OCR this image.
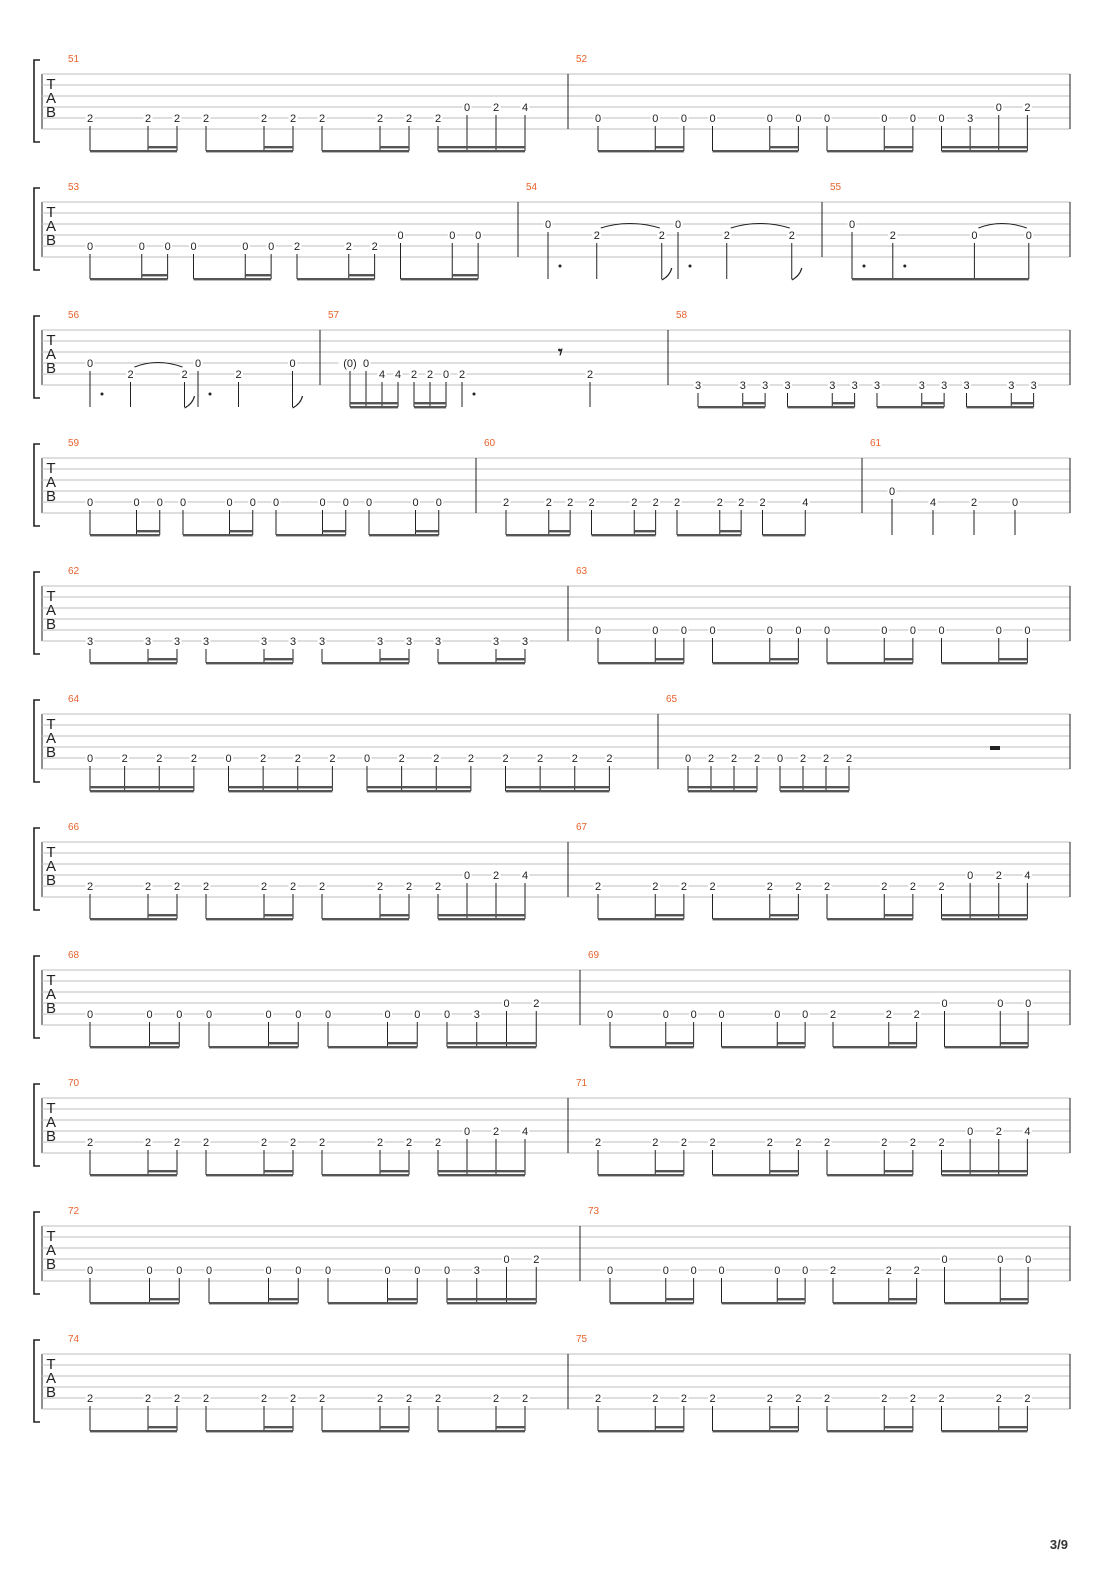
T
A
B
51
2	2 2 2	2 2 2	2 2 2
0 2 4
52
0	0 0 0	0 0 0	0 0 0 3
0 2
T
A
B
53
0	0 0 0	0 0 2	2 2
0	0 0
54
0
2	2
0
2	2
55
0
2	0	0
T
A
B
56
0
2	2
0
2
0
57
(0) 0
4 4 2 2 0 2
𝄾
2
58
3	3 3 3	3 3 3	3 3 3	3 3
T
A
B
59
0	0 0 0	0 0 0	0 0 0	0 0
60
2	2 2 2	2 2 2	2 2 2	4
61
0
4	2	0
T
A
B
62
3	3 3 3	3 3 3	3 3 3	3 3
63
0	0 0 0	0 0 0	0 0 0	0 0
T
A
B
64
0	2	2	2	0	2	2	2	0	2	2	2	2	2	2	2
65
0 2 2 2 0 2 2 2
T
A
B
66
2	2 2 2	2 2 2	2 2 2
0 2 4
67
2	2 2 2	2 2 2	2 2 2
0 2 4
T
A
B
68
0	0 0 0	0 0 0	0 0 0 3
0 2
69
0	0 0 0	0 0 2	2 2
0	0 0
T
A
B
70
2	2 2 2	2 2 2	2 2 2
0 2 4
71
2	2 2 2	2 2 2	2 2 2
0 2 4
T
A
B
72
0	0 0 0	0 0 0	0 0 0 3
0 2
73
0	0 0 0	0 0 2	2 2
0	0 0
T
A
B
74
2	2 2 2	2 2 2	2 2 2	2 2
75
2	2 2 2	2 2 2	2 2 2	2 2
3/9
